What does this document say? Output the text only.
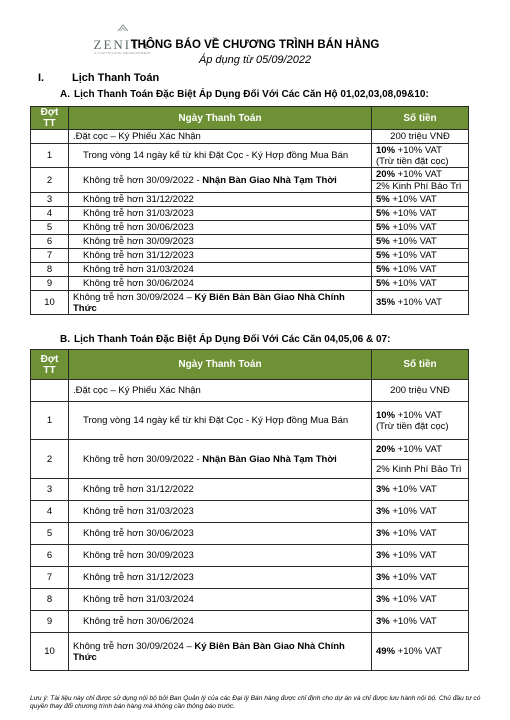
ZENITY
A CAPITALAND DEVELOPMENT
THÔNG BÁO VỀ CHƯƠNG TRÌNH BÁN HÀNG
Áp dụng từ 05/09/2022
I.	Lịch Thanh Toán
A. Lịch Thanh Toán Đặc Biệt Áp Dụng Đối Với Các Căn Hộ 01,02,03,08,09&10:
Đợt TT	Ngày Thanh Toán	Số tiền
	.Đặt cọc – Ký Phiếu Xác Nhận	200 triệu VNĐ
1	Trong vòng 14 ngày kể từ khi Đặt Cọc - Ký Hợp đồng Mua Bán	10% +10% VAT
(Trừ tiền đặt cọc)
2	Không trễ hơn 30/09/2022 - Nhận Bàn Giao Nhà Tạm Thời	20% +10% VAT
		2% Kinh Phí Bảo Trì
3	Không trễ hơn 31/12/2022	5% +10% VAT
4	Không trễ hơn 31/03/2023	5% +10% VAT
5	Không trễ hơn 30/06/2023	5% +10% VAT
6	Không trễ hơn 30/09/2023	5% +10% VAT
7	Không trễ hơn 31/12/2023	5% +10% VAT
8	Không trễ hơn 31/03/2024	5% +10% VAT
9	Không trễ hơn 30/06/2024	5% +10% VAT
10	Không trễ hơn 30/09/2024 – Ký Biên Bản Bàn Giao Nhà Chính Thức	35% +10% VAT
B. Lịch Thanh Toán Đặc Biệt Áp Dụng Đối Với Các Căn 04,05,06 & 07:
Đợt TT	Ngày Thanh Toán	Số tiền
	.Đặt cọc – Ký Phiếu Xác Nhận	200 triệu VNĐ
1	Trong vòng 14 ngày kể từ khi Đặt Cọc - Ký Hợp đồng Mua Bán	10% +10% VAT
(Trừ tiền đặt cọc)
2	Không trễ hơn 30/09/2022 - Nhận Bàn Giao Nhà Tạm Thời	20% +10% VAT
		2% Kinh Phí Bảo Trì
3	Không trễ hơn 31/12/2022	3% +10% VAT
4	Không trễ hơn 31/03/2023	3% +10% VAT
5	Không trễ hơn 30/06/2023	3% +10% VAT
6	Không trễ hơn 30/09/2023	3% +10% VAT
7	Không trễ hơn 31/12/2023	3% +10% VAT
8	Không trễ hơn 31/03/2024	3% +10% VAT
9	Không trễ hơn 30/06/2024	3% +10% VAT
10	Không trễ hơn 30/09/2024 – Ký Biên Bản Bàn Giao Nhà Chính Thức	49% +10% VAT
Lưu ý: Tài liệu này chỉ được sử dụng nội bộ bởi Ban Quản lý của các Đại lý Bán hàng được chỉ định cho dự án và chỉ được lưu hành nội bộ. Chủ đầu tư có quyền thay đổi chương trình bán hàng mà không cần thông báo trước.
